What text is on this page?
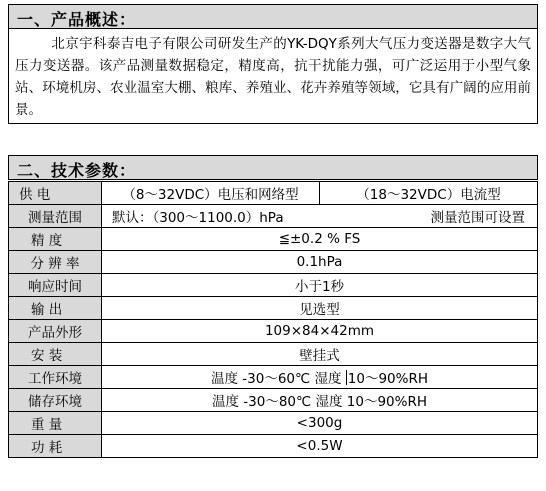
一、产品概述：
北京宇科泰吉电子有限公司研发生产的YK-DQY系列大气压力变送器是数字大气压力变送器。该产品测量数据稳定，精度高，抗干扰能力强，可广泛运用于小型气象站、环境机房、农业温室大棚、粮库、养殖业、花卉养殖等领域，它具有广阔的应用前景。
二、技术参数：
供 电	（8～32VDC）电压和网络型 （18～32VDC）电流型

测量范围	默认：（300～1100.0）hPa 测量范围可设置

精 度	≦±0.2 % FS
分 辨 率	0.1hPa
响应时间	小于1秒

输 出	见选型
产品外形	109×84×42mm

安 装	壁挂式
工作环境	温度 -30～60℃ 湿度 10～90%RH
储存环境	温度 -30～80℃ 湿度 10～90%RH

重 量	<300g

功 耗	<0.5W
